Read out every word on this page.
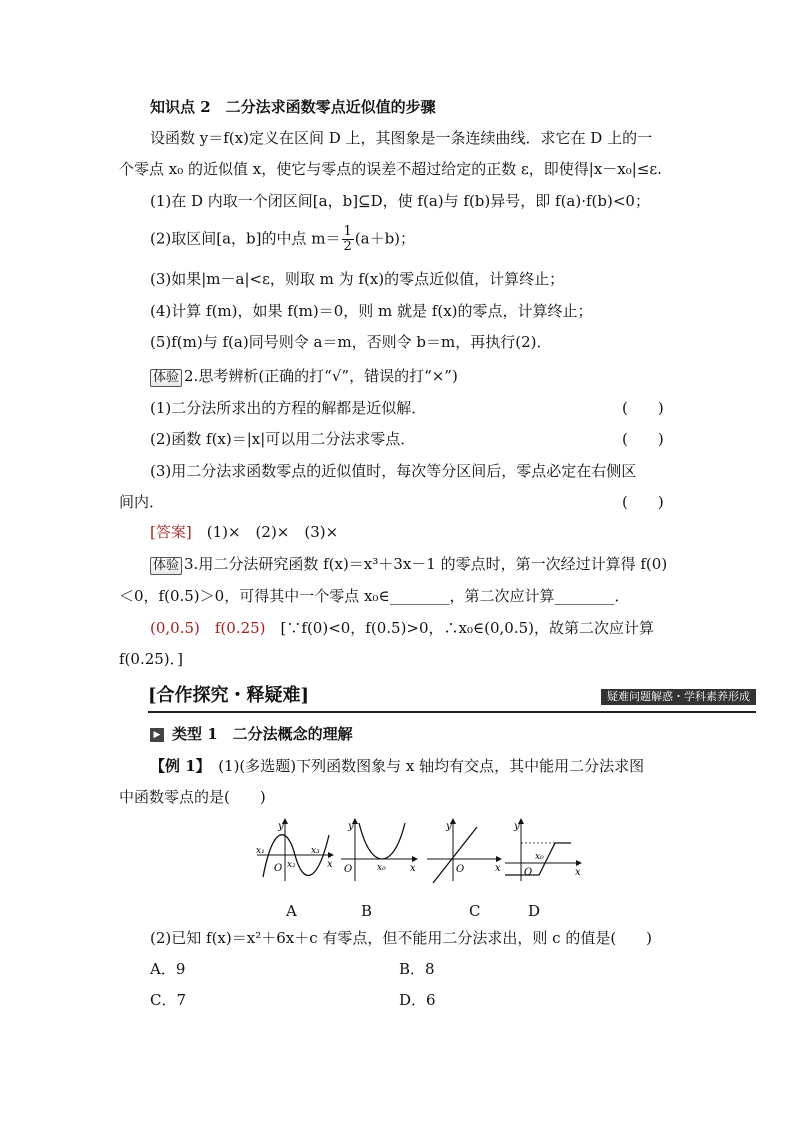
知识点 2　二分法求函数零点近似值的步骤
设函数 y＝f(x)定义在区间 D 上，其图象是一条连续曲线．求它在 D 上的一
个零点 x₀ 的近似值 x，使它与零点的误差不超过给定的正数 ε，即使得|x－x₀|≤ε.
(1)在 D 内取一个闭区间[a，b]⊆D，使 f(a)与 f(b)异号，即 f(a)·f(b)<0；
(2)取区间[a，b]的中点 $m= \frac{1}{2} (a+b)$；
(3)如果|m－a|<ε，则取 m 为 f(x)的零点近似值，计算终止；
(4)计算 f(m)，如果 f(m)＝0，则 m 就是 f(x)的零点，计算终止；
(5)f(m)与 f(a)同号则令 a＝m，否则令 b＝m，再执行(2)．
体验 2.思考辨析(正确的打“√”，错误的打“×”)
(1)二分法所求出的方程的解都是近似解．	(　　)
(2)函数 f(x)＝|x|可以用二分法求零点．	(　　)
(3)用二分法求函数零点的近似值时，每次等分区间后，零点必定在右侧区
间内．	(　　)
[答案]　 (1)×　(2)×　(3)×
体验 3.用二分法研究函数 f(x)＝x³＋3x－1 的零点时，第一次经过计算得 f(0)
＜0，f(0.5)＞0，可得其中一个零点 x₀∈________，第二次应计算________．
(0,0.5)　f(0.25)　 [∵f(0)<0，f(0.5)>0，∴x₀∈(0,0.5)，故第二次应计算
f(0.25)．]
[合作探究・释疑难]	疑难问题解惑・学科素养形成
▶ 类型 1　二分法概念的理解
【例 1】　 (1)(多选题)下列函数图象与 x 轴均有交点，其中能用二分法求图
中函数零点的是(　　)
y
x
O
x₁
x₂
x₃
y
x
O	x₀
y
x
O
y
x
O
x₀
A	B	C	D
(2)已知 f(x)＝x²＋6x＋c 有零点，但不能用二分法求出，则 c 的值是(　　)
A．9	B．8
C．7	D．6
